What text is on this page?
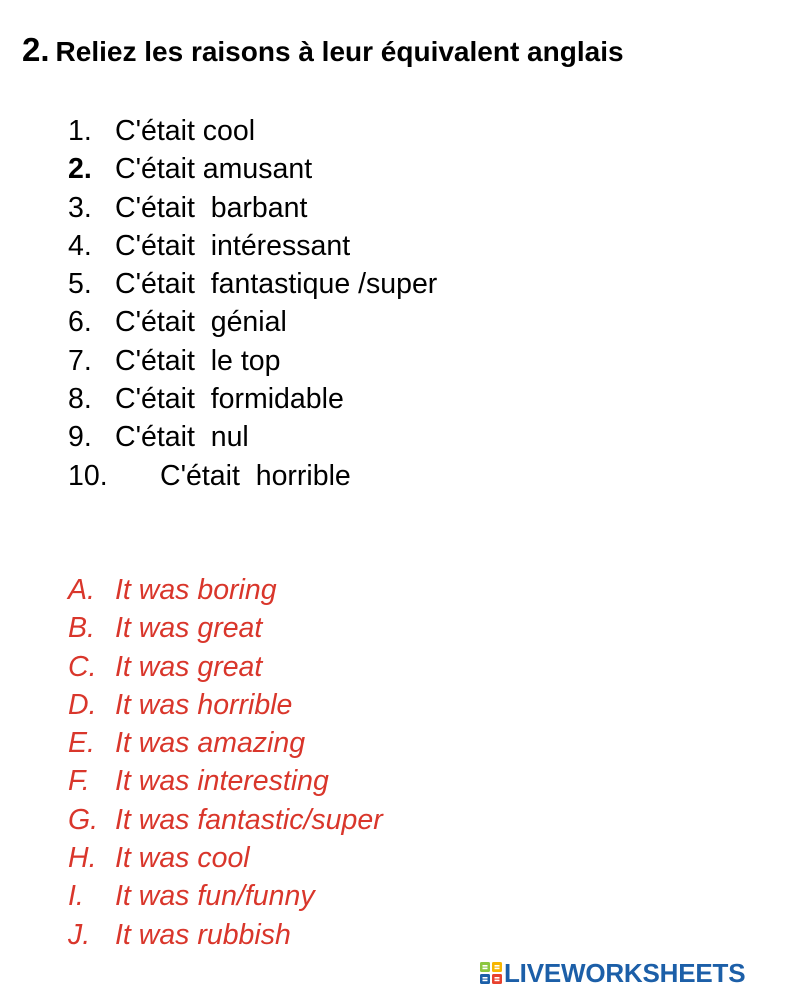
2. Reliez les raisons à leur équivalent anglais
1. C'était cool
2. C'était amusant
3. C'était  barbant
4. C'était  intéressant
5. C'était  fantastique /super
6. C'était  génial
7. C'était  le top
8. C'était  formidable
9. C'était  nul
10.	C'était  horrible
A. It was boring
B. It was great
C. It was great
D. It was horrible
E. It was amazing
F. It was interesting
G. It was fantastic/super
H. It was cool
I.	It was fun/funny
J. It was rubbish
LIVEWORKSHEETS
